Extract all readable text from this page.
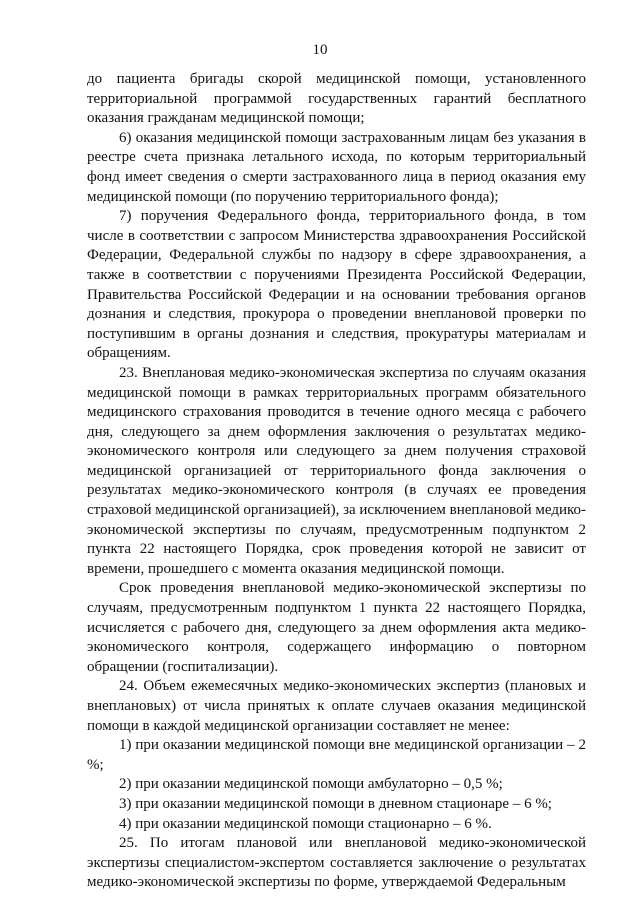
10

до пациента бригады скорой медицинской помощи, установленного территориальной программой государственных гарантий бесплатного оказания гражданам медицинской помощи;

6) оказания медицинской помощи застрахованным лицам без указания в реестре счета признака летального исхода, по которым территориальный фонд имеет сведения о смерти застрахованного лица в период оказания ему медицинской помощи (по поручению территориального фонда);

7) поручения Федерального фонда, территориального фонда, в том числе в соответствии с запросом Министерства здравоохранения Российской Федерации, Федеральной службы по надзору в сфере здравоохранения, а также в соответствии с поручениями Президента Российской Федерации, Правительства Российской Федерации и на основании требования органов дознания и следствия, прокурора о проведении внеплановой проверки по поступившим в органы дознания и следствия, прокуратуры материалам и обращениям.

23. Внеплановая медико-экономическая экспертиза по случаям оказания медицинской помощи в рамках территориальных программ обязательного медицинского страхования проводится в течение одного месяца с рабочего дня, следующего за днем оформления заключения о результатах медико-экономического контроля или следующего за днем получения страховой медицинской организацией от территориального фонда заключения о результатах медико-экономического контроля (в случаях ее проведения страховой медицинской организацией), за исключением внеплановой медико-экономической экспертизы по случаям, предусмотренным подпунктом 2 пункта 22 настоящего Порядка, срок проведения которой не зависит от времени, прошедшего с момента оказания медицинской помощи.

Срок проведения внеплановой медико-экономической экспертизы по случаям, предусмотренным подпунктом 1 пункта 22 настоящего Порядка, исчисляется с рабочего дня, следующего за днем оформления акта медико-экономического контроля, содержащего информацию о повторном обращении (госпитализации).

24. Объем ежемесячных медико-экономических экспертиз (плановых и внеплановых) от числа принятых к оплате случаев оказания медицинской помощи в каждой медицинской организации составляет не менее:

1) при оказании медицинской помощи вне медицинской организации – 2 %;

2) при оказании медицинской помощи амбулаторно – 0,5 %;

3) при оказании медицинской помощи в дневном стационаре – 6 %;

4) при оказании медицинской помощи стационарно – 6 %.

25. По итогам плановой или внеплановой медико-экономической экспертизы специалистом-экспертом составляется заключение о результатах медико-экономической экспертизы по форме, утверждаемой Федеральным
